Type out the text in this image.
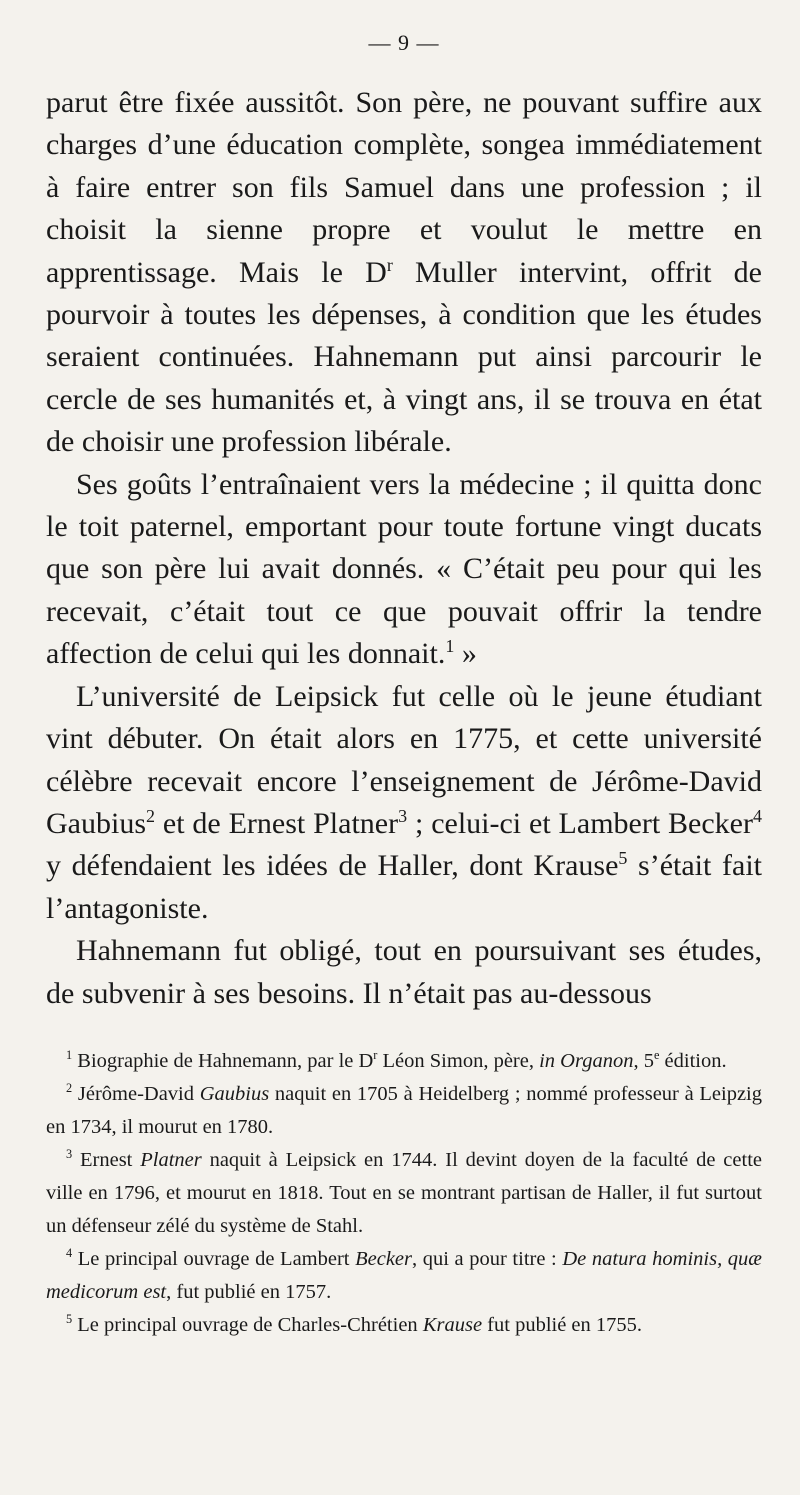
— 9 —

parut être fixée aussitôt. Son père, ne pouvant suffire aux charges d’une éducation complète, songea immédiatement à faire entrer son fils Samuel dans une profession ; il choisit la sienne propre et voulut le mettre en apprentissage. Mais le $D^r$ Muller intervint, offrit de pourvoir à toutes les dépenses, à condition que les études seraient continuées. Hahnemann put ainsi parcourir le cercle de ses humanités et, à vingt ans, il se trouva en état de choisir une profession libérale.

Ses goûts l’entraînaient vers la médecine ; il quitta donc le toit paternel, emportant pour toute fortune vingt ducats que son père lui avait donnés. « C’était peu pour qui les recevait, c’était tout ce que pouvait offrir la tendre affection de celui qui les donnait.$^1$ »

L’université de Leipsick fut celle où le jeune étudiant vint débuter. On était alors en 1775, et cette université célèbre recevait encore l’enseignement de Jérôme-David Gaubius$^2$ et de Ernest Platner$^3$ ; celui-ci et Lambert Becker$^4$ y défendaient les idées de Haller, dont Krause$^5$ s’était fait l’antagoniste.

Hahnemann fut obligé, tout en poursuivant ses études, de subvenir à ses besoins. Il n’était pas au-dessous

$^1$ Biographie de Hahnemann, par le $D^r$ Léon Simon, père, in Organon, 5e édition.

$^2$ Jérôme-David Gaubius naquit en 1705 à Heidelberg ; nommé professeur à Leipzig en 1734, il mourut en 1780.

$^3$ Ernest Platner naquit à Leipsick en 1744. Il devint doyen de la faculté de cette ville en 1796, et mourut en 1818. Tout en se montrant partisan de Haller, il fut surtout un défenseur zélé du système de Stahl.

$^4$ Le principal ouvrage de Lambert Becker, qui a pour titre : De natura hominis, quæ medicorum est, fut publié en 1757.

$^5$ Le principal ouvrage de Charles-Chrétien Krause fut publié en 1755.
